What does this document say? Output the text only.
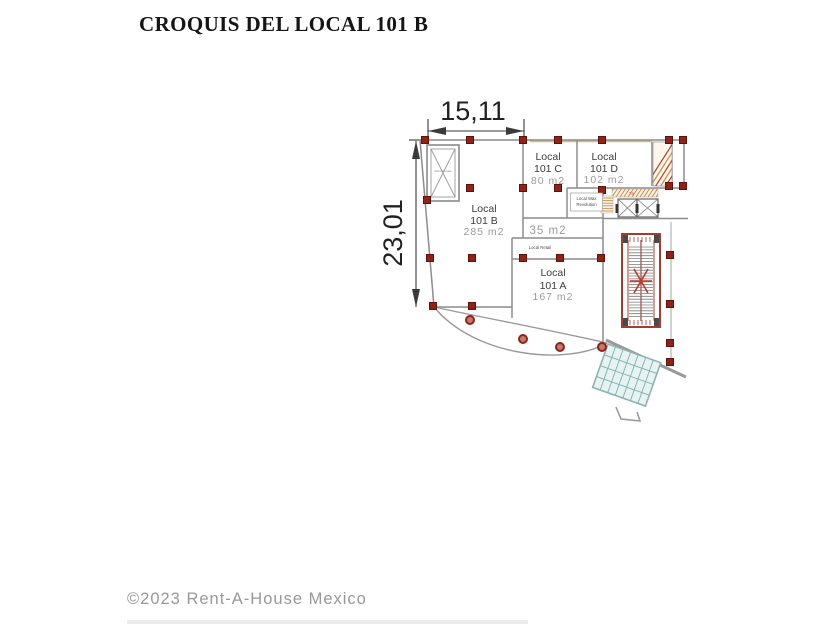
CROQUIS DEL LOCAL 101 B
15,11
23,01
Montacargas
7a
Local
101 C
80 m2
Local
101 D
102 m2
Local
101 B
285 m2 35 m2
Local
101 A
167 m2
Local Wax
Revolution
Local Retail
©2023 Rent-A-House Mexico
